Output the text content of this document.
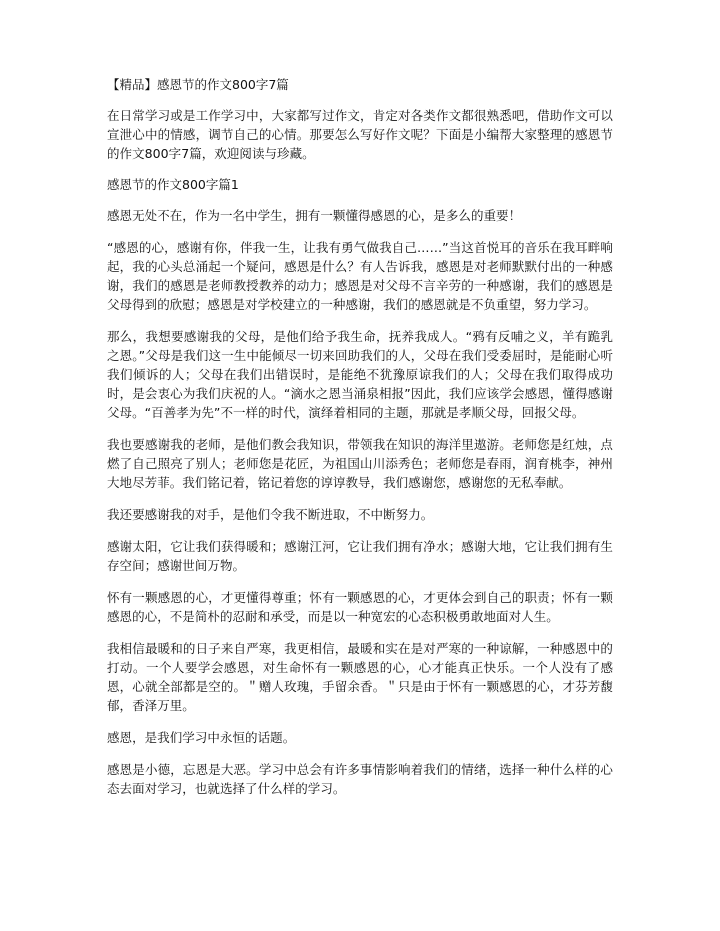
【精品】感恩节的作文800字7篇

在日常学习或是工作学习中，大家都写过作文，肯定对各类作文都很熟悉吧，借助作文可以宣泄心中的情感，调节自己的心情。那要怎么写好作文呢？下面是小编帮大家整理的感恩节的作文800字7篇，欢迎阅读与珍藏。

感恩节的作文800字篇1

感恩无处不在，作为一名中学生，拥有一颗懂得感恩的心，是多么的重要！

“感恩的心，感谢有你，伴我一生，让我有勇气做我自己……”当这首悦耳的音乐在我耳畔响起，我的心头总涌起一个疑问，感恩是什么？有人告诉我，感恩是对老师默默付出的一种感谢，我们的感恩是老师教授教养的动力；感恩是对父母不言辛劳的一种感谢，我们的感恩是父母得到的欣慰；感恩是对学校建立的一种感谢，我们的感恩就是不负重望，努力学习。

那么，我想要感谢我的父母，是他们给予我生命，抚养我成人。“鸦有反哺之义，羊有跪乳之恩。”父母是我们这一生中能倾尽一切来回助我们的人，父母在我们受委屈时，是能耐心听我们倾诉的人；父母在我们出错误时，是能绝不犹豫原谅我们的人；父母在我们取得成功时，是会衷心为我们庆祝的人。“滴水之恩当涌泉相报”因此，我们应该学会感恩，懂得感谢父母。“百善孝为先”不一样的时代，演绎着相同的主题，那就是孝顺父母，回报父母。

我也要感谢我的老师，是他们教会我知识，带领我在知识的海洋里遨游。老师您是红烛，点燃了自己照亮了别人；老师您是花匠，为祖国山川添秀色；老师您是春雨，润育桃李，神州大地尽芳菲。我们铭记着，铭记着您的谆谆教导，我们感谢您，感谢您的无私奉献。

我还要感谢我的对手，是他们令我不断进取，不中断努力。

感谢太阳，它让我们获得暖和；感谢江河，它让我们拥有净水；感谢大地，它让我们拥有生存空间；感谢世间万物。

怀有一颗感恩的心，才更懂得尊重；怀有一颗感恩的心，才更体会到自己的职责；怀有一颗感恩的心，不是简朴的忍耐和承受，而是以一种宽宏的心态积极勇敢地面对人生。

我相信最暖和的日子来自严寒，我更相信，最暖和实在是对严寒的一种谅解，一种感恩中的打动。一个人要学会感恩，对生命怀有一颗感恩的心，心才能真正快乐。一个人没有了感恩，心就全部都是空的。＂赠人玫瑰，手留余香。＂只是由于怀有一颗感恩的心，才芬芳馥郁，香泽万里。

感恩，是我们学习中永恒的话题。

感恩是小德，忘恩是大恶。学习中总会有许多事情影响着我们的情绪，选择一种什么样的心态去面对学习，也就选择了什么样的学习。
